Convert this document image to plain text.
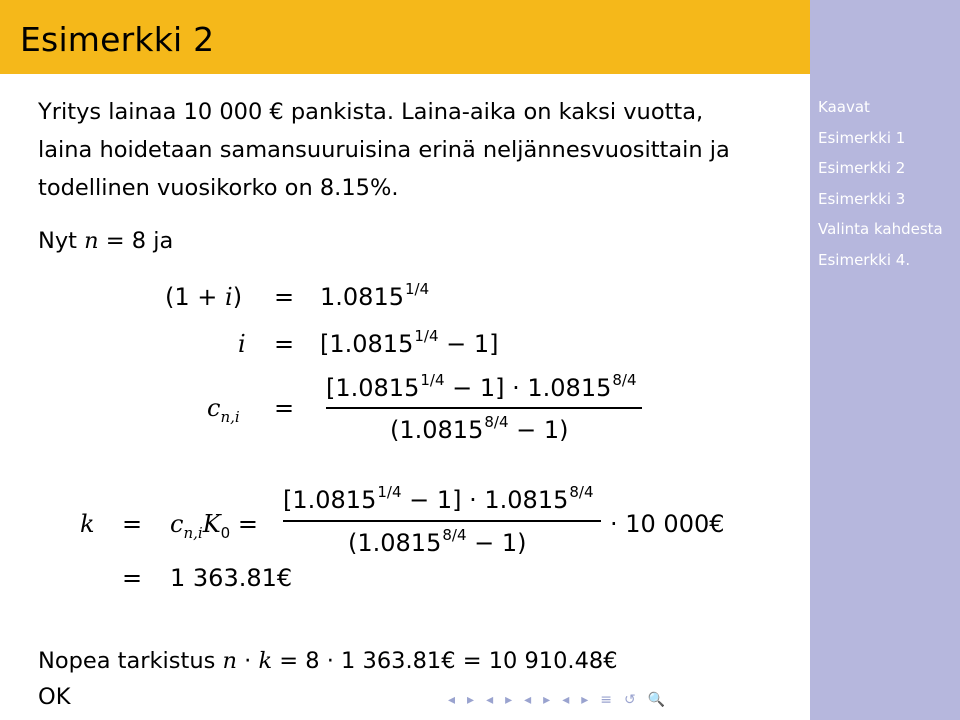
Esimerkki 2
Yritys lainaa 10 000 € pankista. Laina-aika on kaksi vuotta,
laina hoidetaan samansuuruisina erinä neljännesvuosittain ja
todellinen vuosikorko on 8.15%.
Nyt n = 8 ja
$(1 + i) = 1.0815^{1/4}$
$i = [1.0815^{1/4} - 1]$
$c_{n,i}$ =
$[1.0815^{1/4} - 1] \cdot 1.0815^{8/4}$
$(1.0815^{8/4} - 1)$
$k = c_{n,i}K_0$ =
$[1.0815^{1/4} - 1] \cdot 1.0815^{8/4}$
$(1.0815^{8/4} - 1)$
· 10 000€
= 1 363.81€
Nopea tarkistus n · k = 8 · 1 363.81€ = 10 910.48€
OK	◂ ▸ ◂ ▸ ◂ ▸ ◂ ▸ ≡ ↺ 🔍
Kaavat
Esimerkki 1
Esimerkki 2
Esimerkki 3
Valinta kahdesta
Esimerkki 4.
